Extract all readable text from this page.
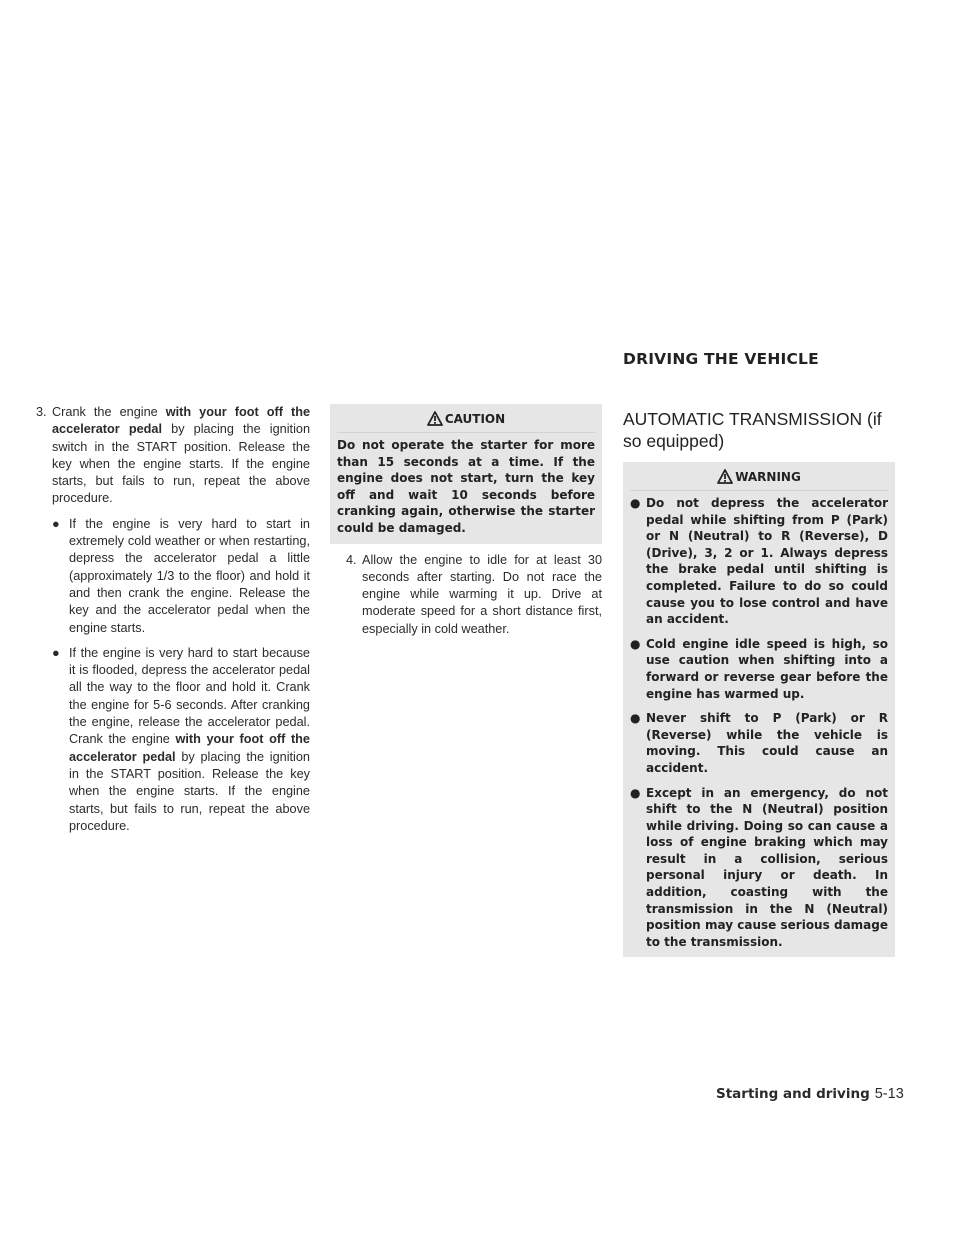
DRIVING THE VEHICLE

3. Crank the engine with your foot off the accelerator pedal by placing the ignition switch in the START position. Release the key when the engine starts. If the engine starts, but fails to run, repeat the above procedure.

● If the engine is very hard to start in extremely cold weather or when restarting, depress the accelerator pedal a little (approximately 1/3 to the floor) and hold it and then crank the engine. Release the key and the accelerator pedal when the engine starts.

● If the engine is very hard to start because it is flooded, depress the accelerator pedal all the way to the floor and hold it. Crank the engine for 5-6 seconds. After cranking the engine, release the accelerator pedal. Crank the engine with your foot off the accelerator pedal by placing the ignition in the START position. Release the key when the engine starts. If the engine starts, but fails to run, repeat the above procedure.

CAUTION

Do not operate the starter for more than 15 seconds at a time. If the engine does not start, turn the key off and wait 10 seconds before cranking again, otherwise the starter could be damaged.

4. Allow the engine to idle for at least 30 seconds after starting. Do not race the engine while warming it up. Drive at moderate speed for a short distance first, especially in cold weather.

AUTOMATIC TRANSMISSION (if so equipped)
WARNING

● Do not depress the accelerator pedal while shifting from P (Park) or N (Neutral) to R (Reverse), D (Drive), 3, 2 or 1. Always depress the brake pedal until shifting is completed. Failure to do so could cause you to lose control and have an accident.

● Cold engine idle speed is high, so use caution when shifting into a forward or reverse gear before the engine has warmed up.

● Never shift to P (Park) or R (Reverse) while the vehicle is moving. This could cause an accident.

● Except in an emergency, do not shift to the N (Neutral) position while driving. Doing so can cause a loss of engine braking which may result in a collision, serious personal injury or death. In addition, coasting with the transmission in the N (Neutral) position may cause serious damage to the transmission.

Starting and driving 5-13
